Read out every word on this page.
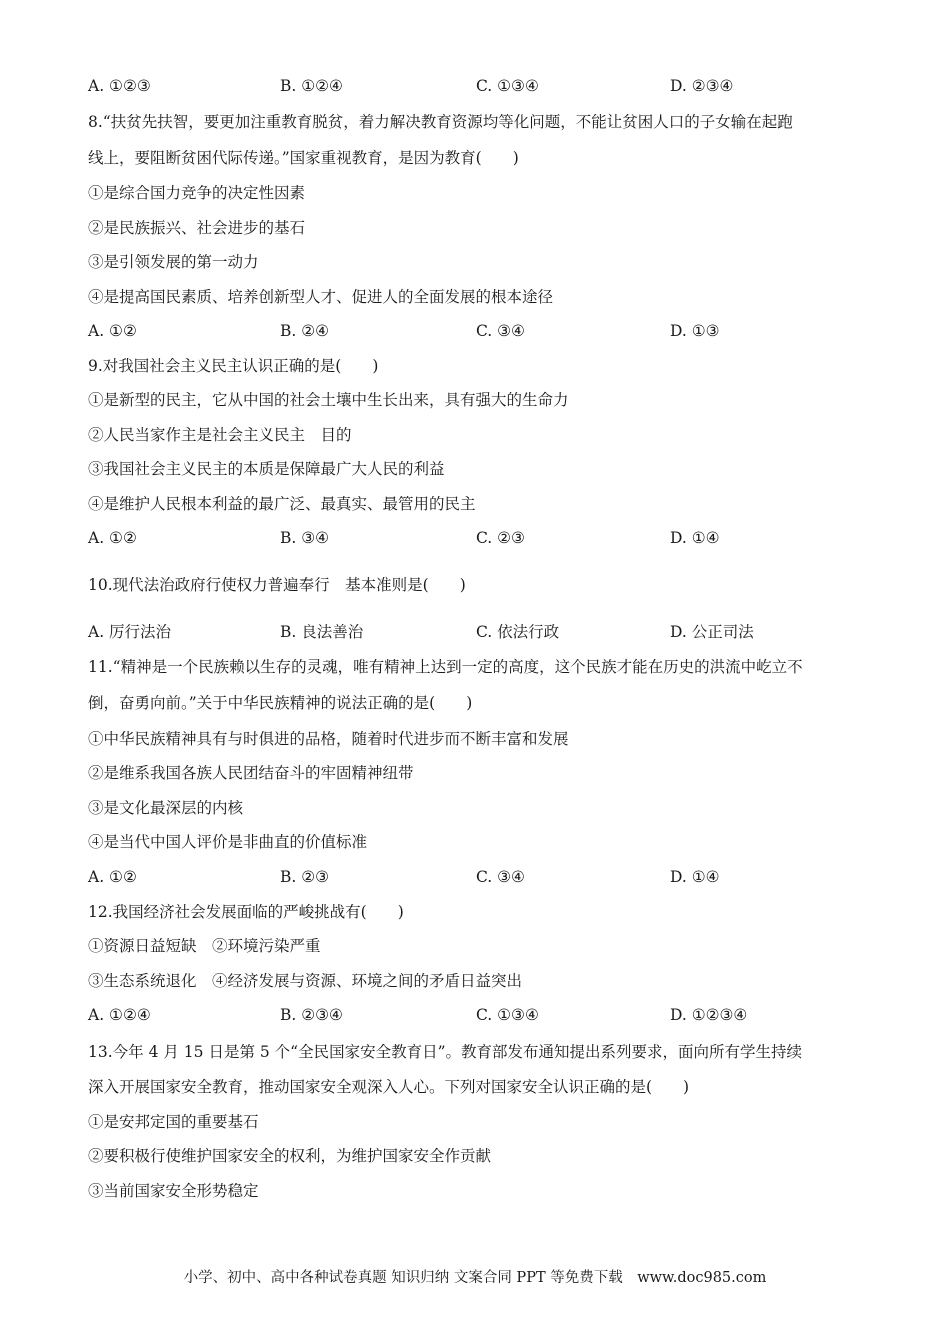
A. ①②③	B. ①②④	C. ①③④	D. ②③④
8.“扶贫先扶智，要更加注重教育脱贫，着力解决教育资源均等化问题，不能让贫困人口的子女输在起跑
线上，要阻断贫困代际传递。”国家重视教育，是因为教育(　　)
①是综合国力竞争的决定性因素
②是民族振兴、社会进步的基石
③是引领发展的第一动力
④是提高国民素质、培养创新型人才、促进人的全面发展的根本途径
A. ①②	B. ②④	C. ③④	D. ①③
9.对我国社会主义民主认识正确的是(　　)
①是新型的民主，它从中国的社会土壤中生长出来，具有强大的生命力
②人民当家作主是社会主义民主　目的
③我国社会主义民主的本质是保障最广大人民的利益
④是维护人民根本利益的最广泛、最真实、最管用的民主
A. ①②	B. ③④	C. ②③	D. ①④
10.现代法治政府行使权力普遍奉行　基本准则是(　　)
A. 厉行法治	B. 良法善治	C. 依法行政	D. 公正司法
11.“精神是一个民族赖以生存的灵魂，唯有精神上达到一定的高度，这个民族才能在历史的洪流中屹立不
倒，奋勇向前。”关于中华民族精神的说法正确的是(　　)
①中华民族精神具有与时俱进的品格，随着时代进步而不断丰富和发展
②是维系我国各族人民团结奋斗的牢固精神纽带
③是文化最深层的内核
④是当代中国人评价是非曲直的价值标准
A. ①②	B. ②③	C. ③④	D. ①④
12.我国经济社会发展面临的严峻挑战有(　　)
①资源日益短缺　②环境污染严重
③生态系统退化　④经济发展与资源、环境之间的矛盾日益突出
A. ①②④	B. ②③④	C. ①③④	D. ①②③④
13.今年 4 月 15 日是第 5 个“全民国家安全教育日”。教育部发布通知提出系列要求，面向所有学生持续
深入开展国家安全教育，推动国家安全观深入人心。下列对国家安全认识正确的是(　　)
①是安邦定国的重要基石
②要积极行使维护国家安全的权利，为维护国家安全作贡献
③当前国家安全形势稳定
小学、初中、高中各种试卷真题 知识归纳 文案合同 PPT 等免费下载　www.doc985.com
